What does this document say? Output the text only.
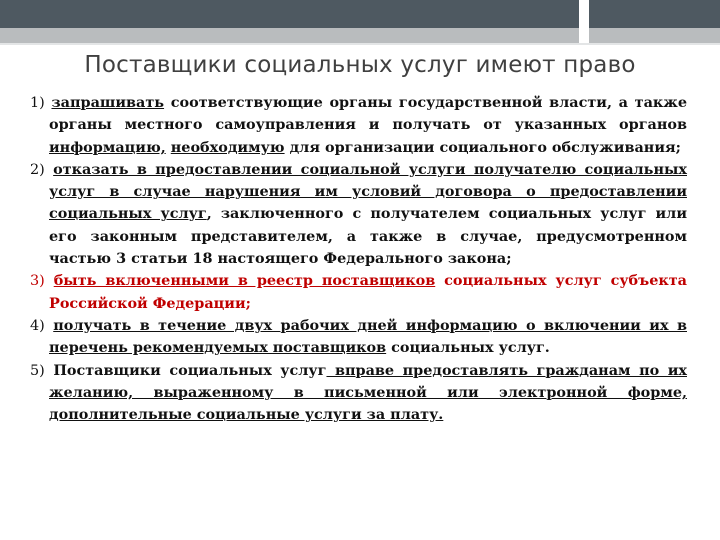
Поставщики социальных услуг имеют право
1) запрашивать соответствующие органы государственной власти, а также органы местного самоуправления и получать от указанных органов информацию, необходимую для организации социального обслуживания;
2) отказать в предоставлении социальной услуги получателю социальных услуг в случае нарушения им условий договора о предоставлении социальных услуг, заключенного с получателем социальных услуг или его законным представителем, а также в случае, предусмотренном частью 3 статьи 18 настоящего Федерального закона;
3) быть включенными в реестр поставщиков социальных услуг субъекта Российской Федерации;
4) получать в течение двух рабочих дней информацию о включении их в перечень рекомендуемых поставщиков социальных услуг.
5) Поставщики социальных услуг вправе предоставлять гражданам по их желанию, выраженному в письменной или электронной форме, дополнительные социальные услуги за плату.
